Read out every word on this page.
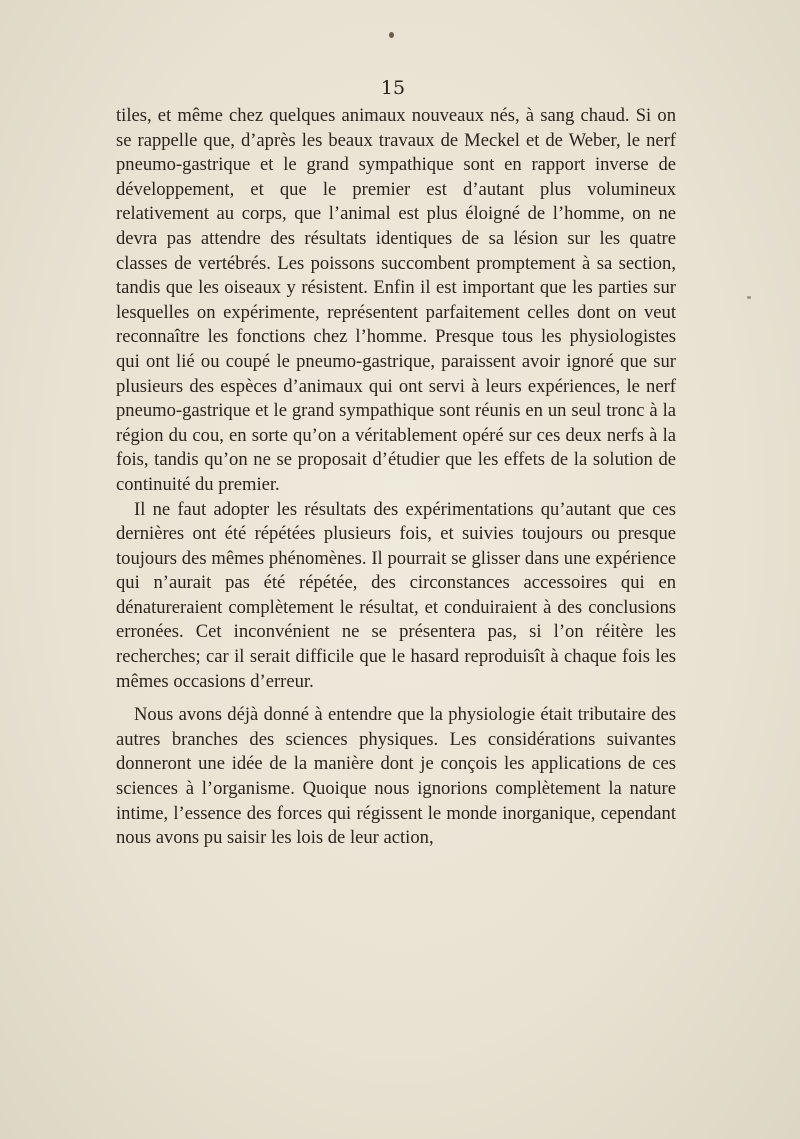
15

tiles, et même chez quelques animaux nouveaux nés, à sang chaud. Si on se rappelle que, d’après les beaux travaux de Meckel et de Weber, le nerf pneumo-gastrique et le grand sympathique sont en rapport inverse de développement, et que le premier est d’autant plus volumineux relativement au corps, que l’animal est plus éloigné de l’homme, on ne devra pas attendre des résultats identiques de sa lésion sur les quatre classes de vertébrés. Les poissons succombent promptement à sa section, tandis que les oiseaux y résistent. Enfin il est important que les parties sur lesquelles on expérimente, représentent parfaitement celles dont on veut reconnaître les fonctions chez l’homme. Presque tous les physiologistes qui ont lié ou coupé le pneumo-gastrique, paraissent avoir ignoré que sur plusieurs des espèces d’animaux qui ont servi à leurs expériences, le nerf pneumo-gastrique et le grand sympathique sont réunis en un seul tronc à la région du cou, en sorte qu’on a véritablement opéré sur ces deux nerfs à la fois, tandis qu’on ne se proposait d’étudier que les effets de la solution de continuité du premier.

Il ne faut adopter les résultats des expérimentations qu’autant que ces dernières ont été répétées plusieurs fois, et suivies toujours ou presque toujours des mêmes phénomènes. Il pourrait se glisser dans une expérience qui n’aurait pas été répétée, des circonstances accessoires qui en dénatureraient complètement le résultat, et conduiraient à des conclusions erronées. Cet inconvénient ne se présentera pas, si l’on réitère les recherches; car il serait difficile que le hasard reproduisît à chaque fois les mêmes occasions d’erreur.

Nous avons déjà donné à entendre que la physiologie était tributaire des autres branches des sciences physiques. Les considérations suivantes donneront une idée de la manière dont je conçois les applications de ces sciences à l’organisme. Quoique nous ignorions complètement la nature intime, l’essence des forces qui régissent le monde inorganique, cependant nous avons pu saisir les lois de leur action,
